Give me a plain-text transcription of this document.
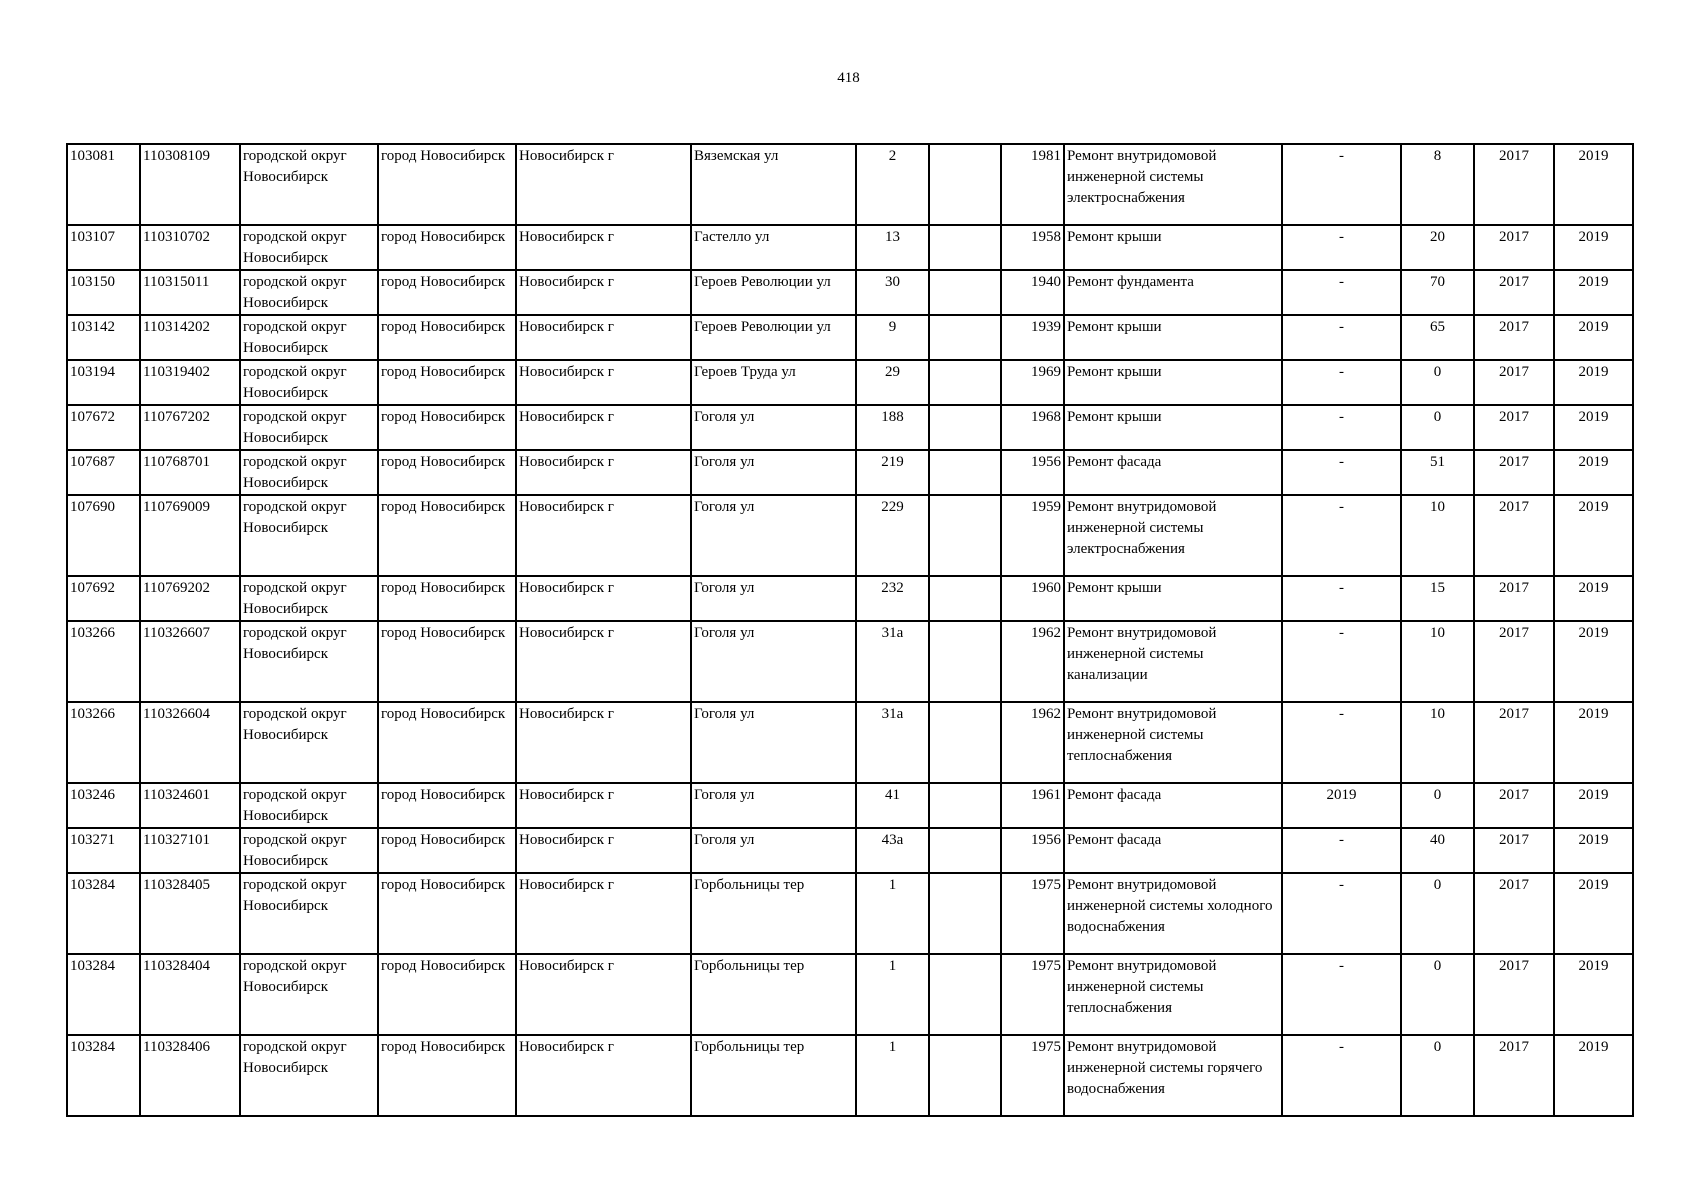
418
103081	110308109	городской округ Новосибирск	город Новосибирск	Новосибирск г	Вяземская ул	2		1981	Ремонт внутридомовой инженерной системы электроснабжения	-	8	2017	2019
103107	110310702	городской округ Новосибирск	город Новосибирск	Новосибирск г	Гастелло ул	13		1958	Ремонт крыши	-	20	2017	2019
103150	110315011	городской округ Новосибирск	город Новосибирск	Новосибирск г	Героев Революции ул	30		1940	Ремонт фундамента	-	70	2017	2019
103142	110314202	городской округ Новосибирск	город Новосибирск	Новосибирск г	Героев Революции ул	9		1939	Ремонт крыши	-	65	2017	2019
103194	110319402	городской округ Новосибирск	город Новосибирск	Новосибирск г	Героев Труда ул	29		1969	Ремонт крыши	-	0	2017	2019
107672	110767202	городской округ Новосибирск	город Новосибирск	Новосибирск г	Гоголя ул	188		1968	Ремонт крыши	-	0	2017	2019
107687	110768701	городской округ Новосибирск	город Новосибирск	Новосибирск г	Гоголя ул	219		1956	Ремонт фасада	-	51	2017	2019
107690	110769009	городской округ Новосибирск	город Новосибирск	Новосибирск г	Гоголя ул	229		1959	Ремонт внутридомовой инженерной системы электроснабжения	-	10	2017	2019
107692	110769202	городской округ Новосибирск	город Новосибирск	Новосибирск г	Гоголя ул	232		1960	Ремонт крыши	-	15	2017	2019
103266	110326607	городской округ Новосибирск	город Новосибирск	Новосибирск г	Гоголя ул	31а		1962	Ремонт внутридомовой инженерной системы канализации	-	10	2017	2019
103266	110326604	городской округ Новосибирск	город Новосибирск	Новосибирск г	Гоголя ул	31а		1962	Ремонт внутридомовой инженерной системы теплоснабжения	-	10	2017	2019
103246	110324601	городской округ Новосибирск	город Новосибирск	Новосибирск г	Гоголя ул	41		1961	Ремонт фасада	2019	0	2017	2019
103271	110327101	городской округ Новосибирск	город Новосибирск	Новосибирск г	Гоголя ул	43а		1956	Ремонт фасада	-	40	2017	2019
103284	110328405	городской округ Новосибирск	город Новосибирск	Новосибирск г	Горбольницы тер	1		1975	Ремонт внутридомовой инженерной системы холодного водоснабжения	-	0	2017	2019
103284	110328404	городской округ Новосибирск	город Новосибирск	Новосибирск г	Горбольницы тер	1		1975	Ремонт внутридомовой инженерной системы теплоснабжения	-	0	2017	2019
103284	110328406	городской округ Новосибирск	город Новосибирск	Новосибирск г	Горбольницы тер	1		1975	Ремонт внутридомовой инженерной системы горячего водоснабжения	-	0	2017	2019
